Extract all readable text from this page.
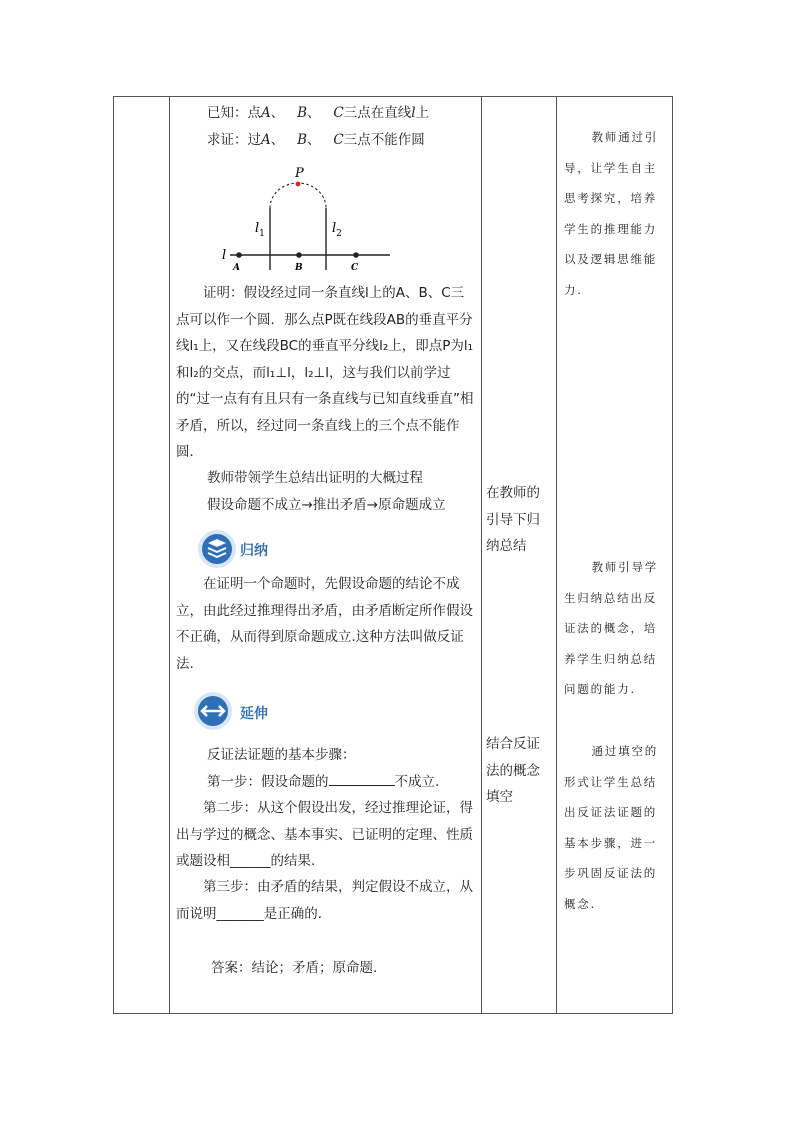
已知：点A、 B、 C三点在直线l上
求证：过A、 B、 C三点不能作圆
P
l
$l_1$	$l_2$
A	B	C
证明：假设经过同一条直线l上的A、B、C三点可以作一个圆．那么点P既在线段AB的垂直平分线l₁上，又在线段BC的垂直平分线l₂上，即点P为l₁和l₂的交点，而l₁⊥l，l₂⊥l，这与我们以前学过的“过一点有有且只有一条直线与已知直线垂直”相矛盾，所以，经过同一条直线上的三个点不能作圆．
教师带领学生总结出证明的大概过程
假设命题不成立→推出矛盾→原命题成立
归纳
在证明一个命题时，先假设命题的结论不成立，由此经过推理得出矛盾，由矛盾断定所作假设不正确，从而得到原命题成立.这种方法叫做反证法.
延伸
反证法证题的基本步骤：
第一步：假设命题的	不成立.
第二步：从这个假设出发，经过推理论证，得出与学过的概念、基本事实、已证明的定理、性质或题设相______的结果.
第三步：由矛盾的结果，判定假设不成立，从而说明_______是正确的.
答案：结论；矛盾；原命题.
在教师的引导下归纳总结
结合反证法的概念填空
教师通过引导，让学生自主思考探究，培养学生的推理能力以及逻辑思维能力.
教师引导学生归纳总结出反证法的概念，培养学生归纳总结问题的能力.
通过填空的形式让学生总结出反证法证题的基本步骤，进一步巩固反证法的概念.
